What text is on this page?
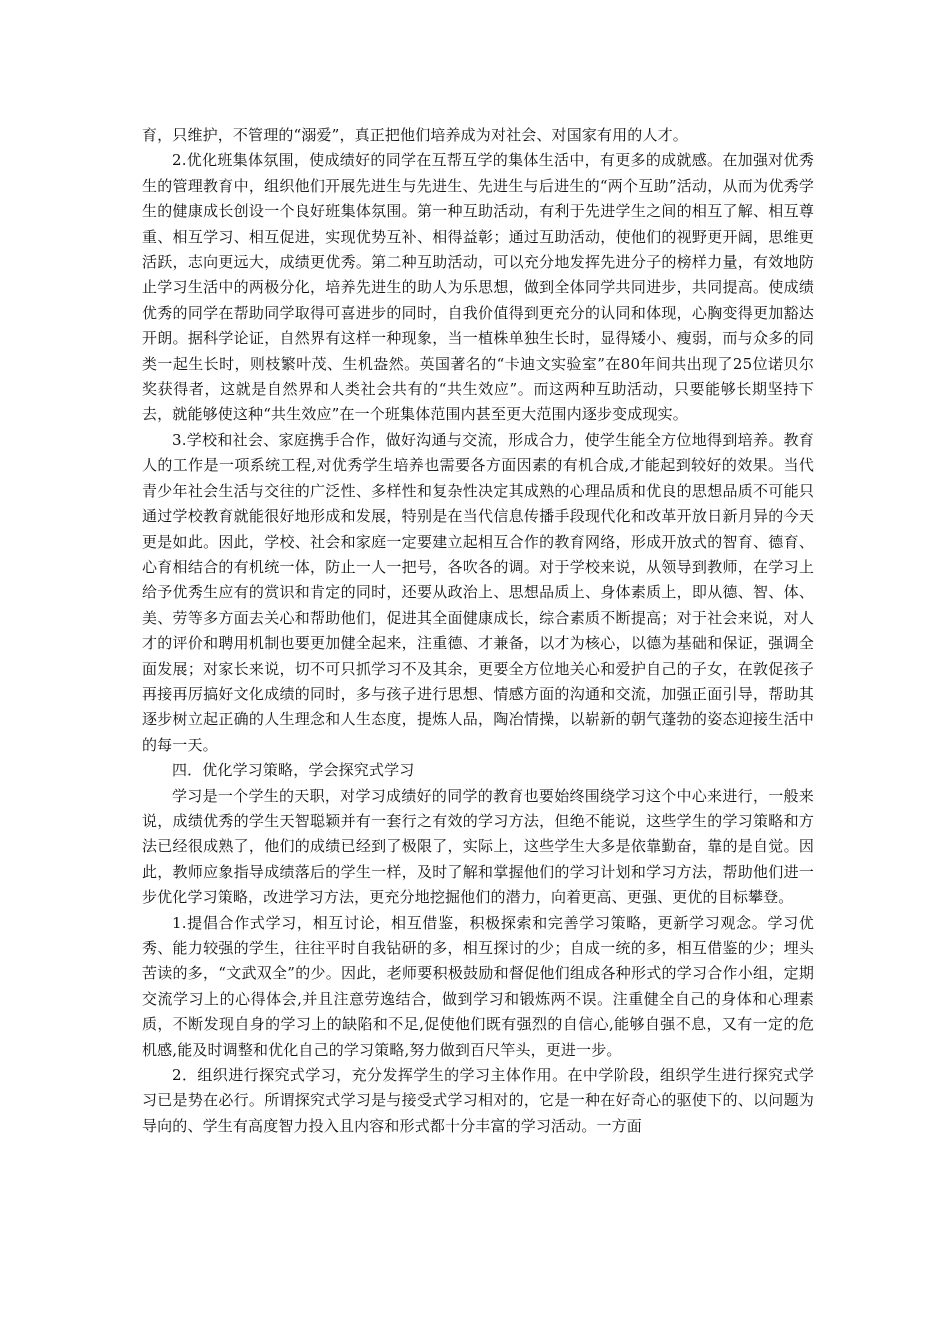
育，只维护，不管理的“溺爱”，真正把他们培养成为对社会、对国家有用的人才。

2.优化班集体氛围，使成绩好的同学在互帮互学的集体生活中，有更多的成就感。在加强对优秀生的管理教育中，组织他们开展先进生与先进生、先进生与后进生的“两个互助”活动，从而为优秀学生的健康成长创设一个良好班集体氛围。第一种互助活动，有利于先进学生之间的相互了解、相互尊重、相互学习、相互促进，实现优势互补、相得益彰；通过互助活动，使他们的视野更开阔，思维更活跃，志向更远大，成绩更优秀。第二种互助活动，可以充分地发挥先进分子的榜样力量，有效地防止学习生活中的两极分化，培养先进生的助人为乐思想，做到全体同学共同进步，共同提高。使成绩优秀的同学在帮助同学取得可喜进步的同时，自我价值得到更充分的认同和体现，心胸变得更加豁达开朗。据科学论证，自然界有这样一种现象，当一植株单独生长时，显得矮小、瘦弱，而与众多的同类一起生长时，则枝繁叶茂、生机盎然。英国著名的“卡迪文实验室”在80年间共出现了25位诺贝尔奖获得者，这就是自然界和人类社会共有的“共生效应”。而这两种互助活动，只要能够长期坚持下去，就能够使这种“共生效应”在一个班集体范围内甚至更大范围内逐步变成现实。

3.学校和社会、家庭携手合作，做好沟通与交流，形成合力，使学生能全方位地得到培养。教育人的工作是一项系统工程,对优秀学生培养也需要各方面因素的有机合成,才能起到较好的效果。当代青少年社会生活与交往的广泛性、多样性和复杂性决定其成熟的心理品质和优良的思想品质不可能只通过学校教育就能很好地形成和发展，特别是在当代信息传播手段现代化和改革开放日新月异的今天更是如此。因此，学校、社会和家庭一定要建立起相互合作的教育网络，形成开放式的智育、德育、心育相结合的有机统一体，防止一人一把号，各吹各的调。对于学校来说，从领导到教师，在学习上给予优秀生应有的赏识和肯定的同时，还要从政治上、思想品质上、身体素质上，即从德、智、体、美、劳等多方面去关心和帮助他们，促进其全面健康成长，综合素质不断提高；对于社会来说，对人才的评价和聘用机制也要更加健全起来，注重德、才兼备，以才为核心，以德为基础和保证，强调全面发展；对家长来说，切不可只抓学习不及其余，更要全方位地关心和爱护自己的子女，在敦促孩子再接再厉搞好文化成绩的同时，多与孩子进行思想、情感方面的沟通和交流，加强正面引导，帮助其逐步树立起正确的人生理念和人生态度，提炼人品，陶冶情操，以崭新的朝气蓬勃的姿态迎接生活中的每一天。

四．优化学习策略，学会探究式学习

学习是一个学生的天职，对学习成绩好的同学的教育也要始终围绕学习这个中心来进行，一般来说，成绩优秀的学生天智聪颖并有一套行之有效的学习方法，但绝不能说，这些学生的学习策略和方法已经很成熟了，他们的成绩已经到了极限了，实际上，这些学生大多是依靠勤奋，靠的是自觉。因此，教师应象指导成绩落后的学生一样，及时了解和掌握他们的学习计划和学习方法，帮助他们进一步优化学习策略，改进学习方法，更充分地挖掘他们的潜力，向着更高、更强、更优的目标攀登。

1.提倡合作式学习，相互讨论，相互借鉴，积极探索和完善学习策略，更新学习观念。学习优秀、能力较强的学生，往往平时自我钻研的多，相互探讨的少；自成一统的多，相互借鉴的少；埋头苦读的多，“文武双全”的少。因此，老师要积极鼓励和督促他们组成各种形式的学习合作小组，定期交流学习上的心得体会,并且注意劳逸结合，做到学习和锻炼两不误。注重健全自己的身体和心理素质，不断发现自身的学习上的缺陷和不足,促使他们既有强烈的自信心,能够自强不息，又有一定的危机感,能及时调整和优化自己的学习策略,努力做到百尺竿头，更进一步。

2．组织进行探究式学习，充分发挥学生的学习主体作用。在中学阶段，组织学生进行探究式学习已是势在必行。所谓探究式学习是与接受式学习相对的，它是一种在好奇心的驱使下的、以问题为导向的、学生有高度智力投入且内容和形式都十分丰富的学习活动。一方面
